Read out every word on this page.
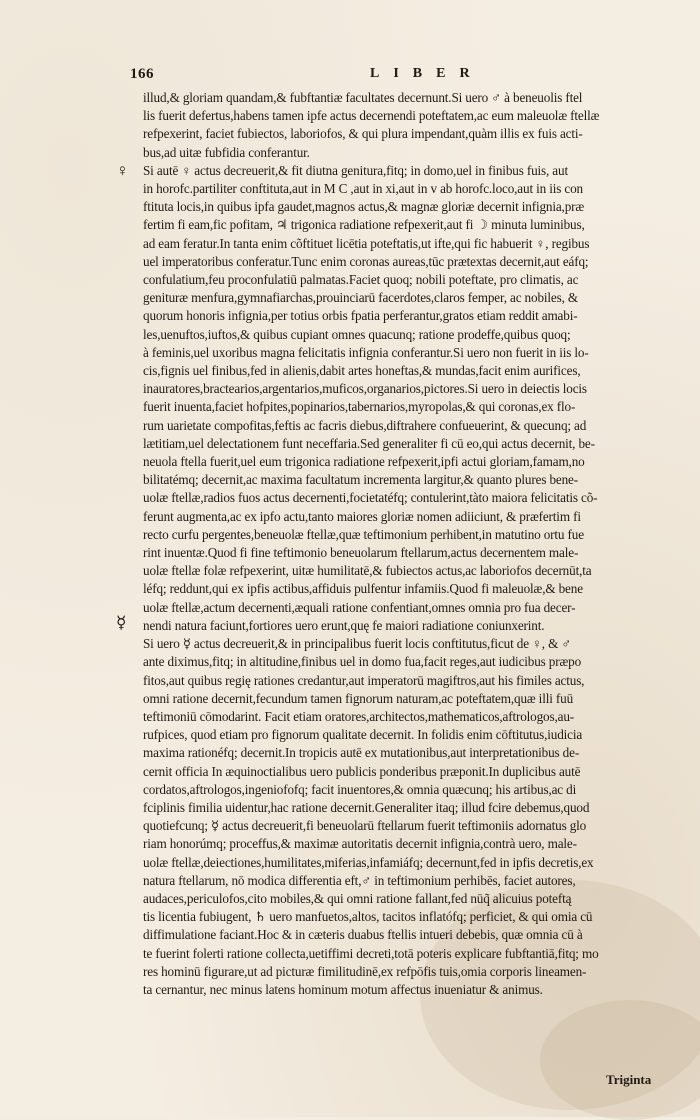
166	LIBER
♀
☿
illud,& gloriam quandam,& fubftantiæ facultates decernunt.Si uero ♂ à beneuolis ftel
lis fuerit defertus,habens tamen ipfe actus decernendi poteftatem,ac eum maleuolæ ftellæ
refpexerint, faciet fubiectos, laboriofos, & qui plura impendant,quàm illis ex fuis acti-
bus,ad uitæ fubfidia conferantur.
Si autē ♀ actus decreuerit,& fit diutna genitura,fitq; in domo,uel in finibus fuis, aut
in horofc.partiliter conftituta,aut in M C ,aut in xi,aut in v ab horofc.loco,aut in iis con
ftituta locis,in quibus ipfa gaudet,magnos actus,& magnæ gloriæ decernit infignia,præ
fertim fi eam,fic pofitam, ♃ trigonica radiatione refpexerit,aut fi ☽ minuta luminibus,
ad eam feratur.In tanta enim cõftituet licētia poteftatis,ut ifte,qui fic habuerit ♀, regibus
uel imperatoribus conferatur.Tunc enim coronas aureas,tūc prætextas decernit,aut eáfq;
confulatium,feu proconfulatiū palmatas.Faciet quoq; nobili poteftate, pro climatis, ac
genituræ menfura,gymnafiarchas,prouinciarū facerdotes,claros femper, ac nobiles, &
quorum honoris infignia,per totius orbis fpatia perferantur,gratos etiam reddit amabi-
les,uenuftos,iuftos,& quibus cupiant omnes quacunq; ratione prodeffe,quibus quoq;
à feminis,uel uxoribus magna felicitatis infignia conferantur.Si uero non fuerit in iis lo-
cis,fignis uel finibus,fed in alienis,dabit artes honeftas,& mundas,facit enim aurifices,
inauratores,bractearios,argentarios,muficos,organarios,pictores.Si uero in deiectis locis
fuerit inuenta,faciet hofpites,popinarios,tabernarios,myropolas,& qui coronas,ex flo-
rum uarietate compofitas,feftis ac facris diebus,diftrahere confueuerint, & quecunq; ad
lætitiam,uel delectationem funt neceffaria.Sed generaliter fi cū eo,qui actus decernit, be-
neuola ftella fuerit,uel eum trigonica radiatione refpexerit,ipfi actui gloriam,famam,no
bilitatémq; decernit,ac maxima facultatum incrementa largitur,& quanto plures bene-
uolæ ftellæ,radios fuos actus decernenti,focietatéfq; contulerint,tàto maiora felicitatis cõ-
ferunt augmenta,ac ex ipfo actu,tanto maiores gloriæ nomen adiiciunt, & præfertim fi
recto curfu pergentes,beneuolæ ftellæ,quæ teftimonium perhibent,in matutino ortu fue
rint inuentæ.Quod fi fine teftimonio beneuolarum ftellarum,actus decernentem male-
uolæ ftellæ folæ refpexerint, uitæ humilitatē,& fubiectos actus,ac laboriofos decernūt,ta
léfq; reddunt,qui ex ipfis actibus,affiduis pulfentur infamiis.Quod fi maleuolæ,& bene
uolæ ftellæ,actum decernenti,æquali ratione confentiant,omnes omnia pro fua decer-
nendi natura faciunt,fortiores uero erunt,quę fe maiori radiatione coniunxerint.
Si uero ☿ actus decreuerit,& in principalibus fuerit locis conftitutus,ficut de ♀, & ♂
ante diximus,fitq; in altitudine,finibus uel in domo fua,facit reges,aut iudicibus præpo
fitos,aut quibus regię rationes credantur,aut imperatorū magiftros,aut his fimiles actus,
omni ratione decernit,fecundum tamen fignorum naturam,ac poteftatem,quæ illi fuū
teftimoniū cōmodarint. Facit etiam oratores,architectos,mathematicos,aftrologos,au-
rufpices, quod etiam pro fignorum qualitate decernit. In folidis enim cōftitutus,iudicia
maxima rationéfq; decernit.In tropicis autē ex mutationibus,aut interpretationibus de-
cernit officia In æquinoctialibus uero publicis ponderibus præponit.In duplicibus autē
cordatos,aftrologos,ingeniofofq; facit inuentores,& omnia quæcunq; his artibus,ac di
fciplinis fimilia uidentur,hac ratione decernit.Generaliter itaq; illud fcire debemus,quod
quotiefcunq; ☿ actus decreuerit,fi beneuolarū ftellarum fuerit teftimoniis adornatus glo
riam honorúmq; proceffus,& maximæ autoritatis decernit infignia,contrà uero, male-
uolæ ftellæ,deiectiones,humilitates,miferias,infamiáfq; decernunt,fed in ipfis decretis,ex
natura ftellarum, nō modica differentia eft,♂ in teftimonium perhibēs, faciet autores,
audaces,periculofos,cito mobiles,& qui omni ratione fallant,fed nūq̃ alicuius poteftą
tis licentia fubiugent, ♄ uero manfuetos,altos, tacitos inflatófq; perficiet, & qui omia cū
diffimulatione faciant.Hoc & in cæteris duabus ftellis intueri debebis, quæ omnia cū à
te fuerint folerti ratione collecta,uetiffimi decreti,totā poteris explicare fubftantiā,fitq; mo
res hominū figurare,ut ad picturæ fimilitudinē,ex refpōfis tuis,omia corporis lineamen-
ta cernantur, nec minus latens hominum motum affectus inueniatur & animus.
Triginta
